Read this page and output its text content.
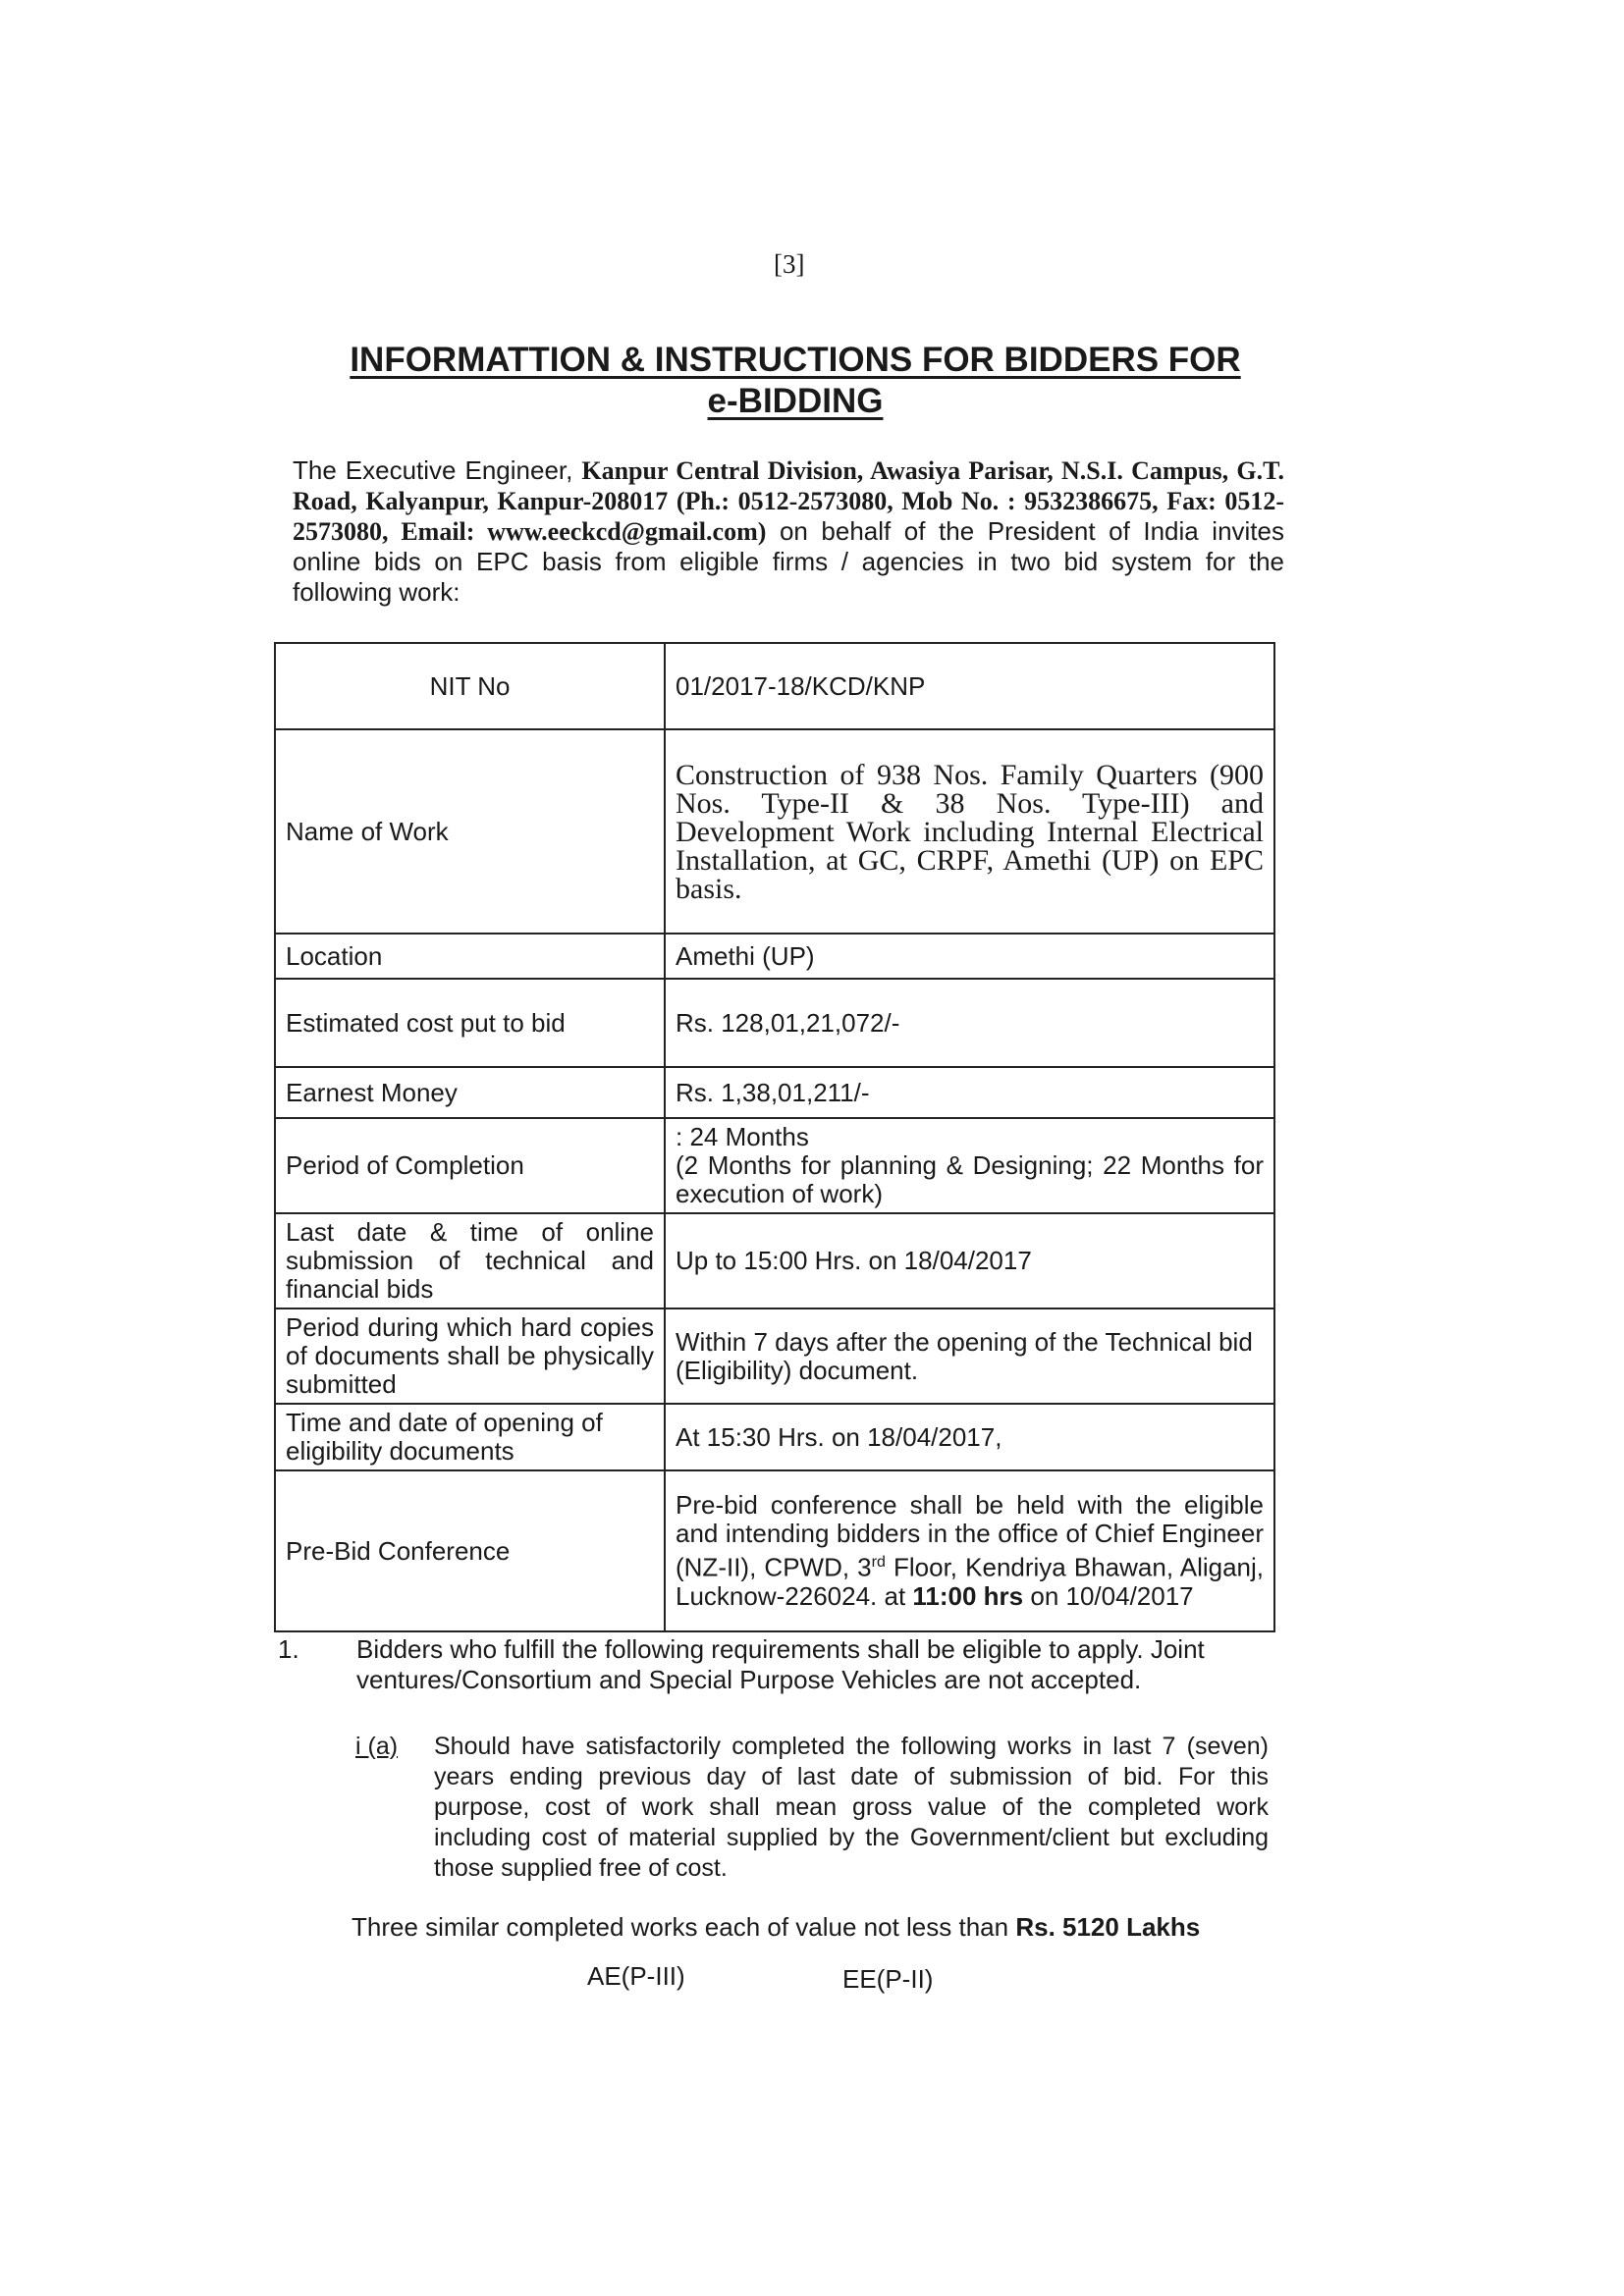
[3]
INFORMATTION & INSTRUCTIONS FOR BIDDERS FOR
e-BIDDING
The Executive Engineer, Kanpur Central Division, Awasiya Parisar, N.S.I. Campus, G.T. Road, Kalyanpur, Kanpur-208017 (Ph.: 0512-2573080, Mob No. : 9532386675, Fax: 0512-2573080, Email: www.eeckcd@gmail.com) on behalf of the President of India invites online bids on EPC basis from eligible firms / agencies in two bid system for the following work:
NIT No	01/2017-18/KCD/KNP
Name of Work	Construction of 938 Nos. Family Quarters (900 Nos. Type-II & 38 Nos. Type-III) and Development Work including Internal Electrical Installation, at GC, CRPF, Amethi (UP) on EPC basis.
Location	Amethi (UP)
Estimated cost put to bid	Rs. 128,01,21,072/-
Earnest Money	Rs. 1,38,01,211/-
Period of Completion	: 24 Months
(2 Months for planning & Designing; 22 Months for execution of work)

Last date & time of online submission of technical and financial bids	Up to 15:00 Hrs. on 18/04/2017
Period during which hard copies of documents shall be physically submitted	Within 7 days after the opening of the Technical bid (Eligibility) document.
Time and date of opening of eligibility documents	At 15:30 Hrs. on 18/04/2017,
Pre-Bid Conference	Pre-bid conference shall be held with the eligible and intending bidders in the office of Chief Engineer (NZ-II), CPWD, 3rd Floor, Kendriya Bhawan, Aliganj, Lucknow-226024. at 11:00 hrs on 10/04/2017
1. Bidders who fulfill the following requirements shall be eligible to apply. Joint ventures/Consortium and Special Purpose Vehicles are not accepted.
i (a) Should have satisfactorily completed the following works in last 7 (seven) years ending previous day of last date of submission of bid. For this purpose, cost of work shall mean gross value of the completed work including cost of material supplied by the Government/client but excluding those supplied free of cost.
Three similar completed works each of value not less than Rs. 5120 Lakhs
AE(P-III)	EE(P-II)
